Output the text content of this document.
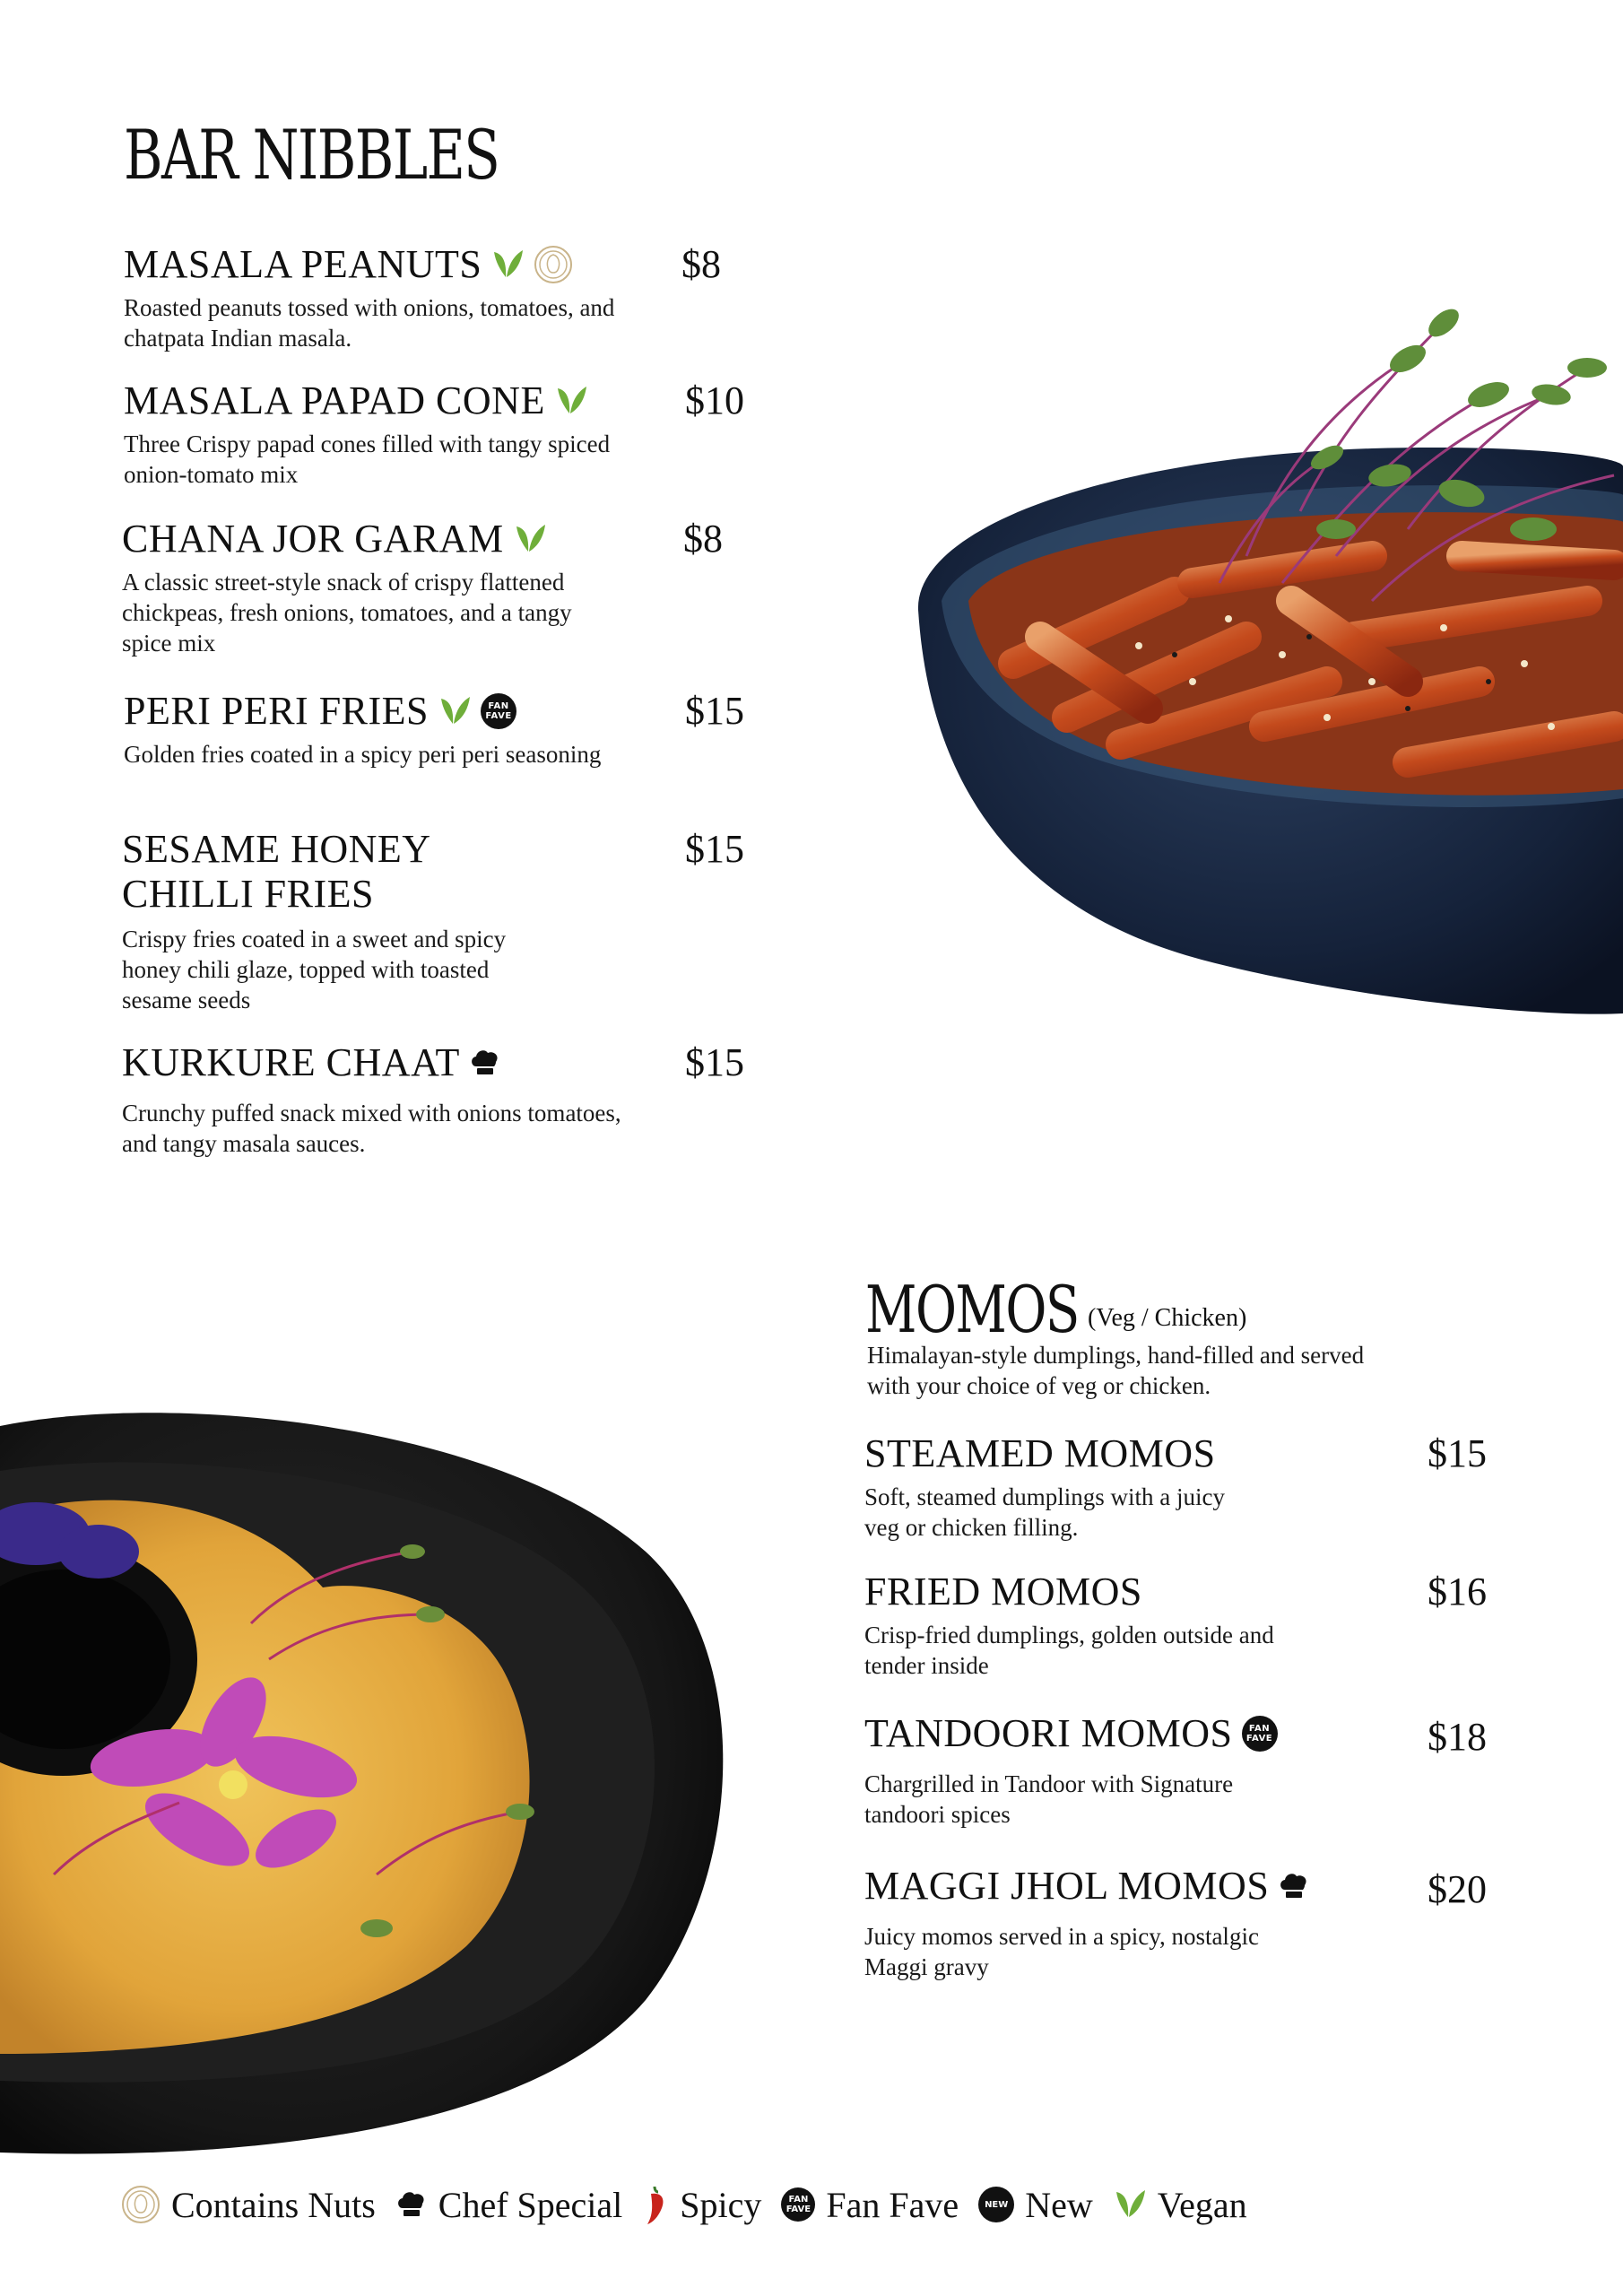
BAR NIBBLES
MASALA PEANUTS
Roasted peanuts tossed with onions, tomatoes, and chatpata Indian masala.
$8
MASALA PAPAD CONE
Three Crispy papad cones filled with tangy spiced onion-tomato mix
$10
CHANA JOR GARAM
A classic street-style snack of crispy flattened chickpeas, fresh onions, tomatoes, and a tangy spice mix
$8
PERI PERI FRIES	FAN
FAVE
Golden fries coated in a spicy peri peri seasoning
$15
SESAME HONEY
CHILLI FRIES
Crispy fries coated in a sweet and spicy honey chili glaze, topped with toasted sesame seeds
$15
KURKURE CHAAT
Crunchy puffed snack mixed with onions tomatoes, and tangy masala sauces.
$15
MOMOS (Veg / Chicken)
Himalayan-style dumplings, hand-filled and served with your choice of veg or chicken.
STEAMED MOMOS
Soft, steamed dumplings with a juicy veg or chicken filling.
$15
FRIED MOMOS
Crisp-fried dumplings, golden outside and tender inside
$16
TANDOORI MOMOS FAN
FAVE
Chargrilled in Tandoor with Signature tandoori spices
$18
MAGGI JHOL MOMOS
Juicy momos served in a spicy, nostalgic Maggi gravy
$20
Contains Nuts Chef Special Spicy	FAN
FAVE Fan Fave	NEW New Vegan
